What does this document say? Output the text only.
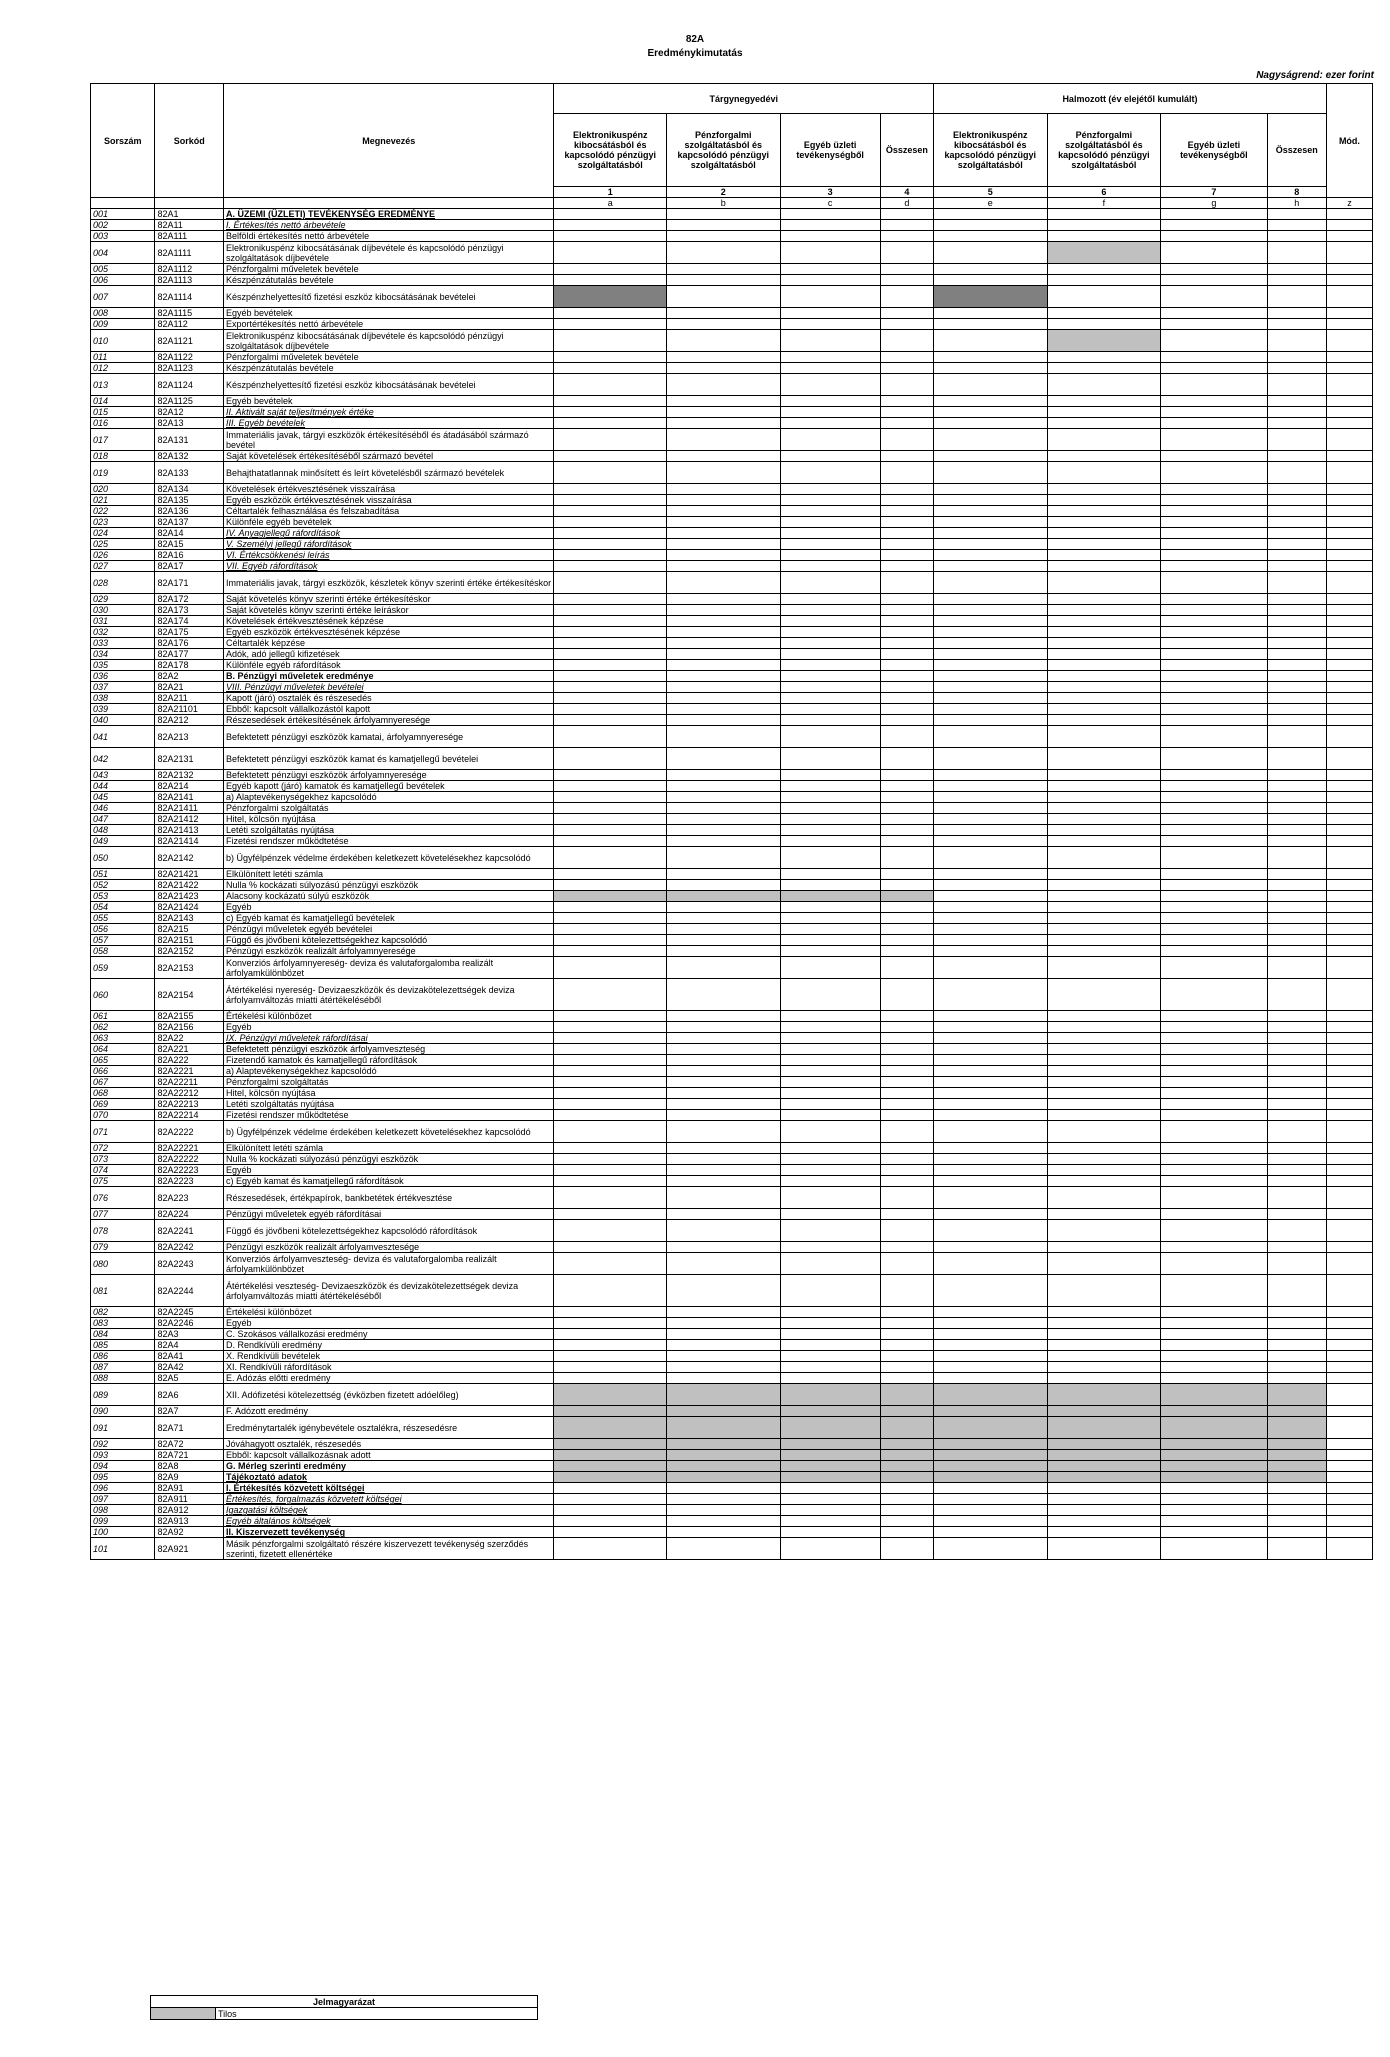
82A
Eredménykimutatás
Nagyságrend: ezer forint
Sorszám	Sorkód	Megnevezés	Tárgynegyedévi				Halmozott (év elejétől kumulált)				Mód.
			Elektronikuspénz kibocsátásból és kapcsolódó pénzügyi szolgáltatásból	Pénzforgalmi szolgáltatásból és kapcsolódó pénzügyi szolgáltatásból	Egyéb üzleti tevékenységből	Összesen	Elektronikuspénz kibocsátásból és kapcsolódó pénzügyi szolgáltatásból	Pénzforgalmi szolgáltatásból és kapcsolódó pénzügyi szolgáltatásból	Egyéb üzleti tevékenységből	Összesen	
			1	2	3	4	5	6	7	8	
			a	b	c	d	e	f	g	h	z
001	82A1	A. ÜZEMI (ÜZLETI) TEVÉKENYSÉG EREDMÉNYE									
002	82A11	I. Értékesítés nettó árbevétele									
003	82A111	Belföldi értékesítés nettó árbevétele									
004	82A1111	Elektronikuspénz kibocsátásának díjbevétele és kapcsolódó pénzügyi szolgáltatások díjbevétele									
005	82A1112	Pénzforgalmi műveletek bevétele									
006	82A1113	Készpénzátutalás bevétele									
007	82A1114	Készpénzhelyettesítő fizetési eszköz kibocsátásának bevételei									
008	82A1115	Egyéb bevételek									
009	82A112	Exportértékesítés nettó árbevétele									
010	82A1121	Elektronikuspénz kibocsátásának díjbevétele és kapcsolódó pénzügyi szolgáltatások díjbevétele									
011	82A1122	Pénzforgalmi műveletek bevétele									
012	82A1123	Készpénzátutalás bevétele									
013	82A1124	Készpénzhelyettesítő fizetési eszköz kibocsátásának bevételei									
014	82A1125	Egyéb bevételek									
015	82A12	II. Aktivált saját teljesítmények értéke									
016	82A13	III. Egyéb bevételek									
017	82A131	Immateriális javak, tárgyi eszközök értékesítéséből és átadásából származó bevétel									
018	82A132	Saját követelések értékesítéséből származó bevétel									
019	82A133	Behajthatatlannak minősített és leírt követelésből származó bevételek									
020	82A134	Követelések értékvesztésének visszaírása									
021	82A135	Egyéb eszközök értékvesztésének visszaírása									
022	82A136	Céltartalék felhasználása és felszabadítása									
023	82A137	Különféle egyéb bevételek									
024	82A14	IV. Anyagjellegű ráfordítások									
025	82A15	V. Személyi jellegű ráfordítások									
026	82A16	VI. Értékcsökkenési leírás									
027	82A17	VII. Egyéb ráfordítások									
028	82A171	Immateriális javak, tárgyi eszközök, készletek könyv szerinti értéke értékesítéskor									
029	82A172	Saját követelés könyv szerinti értéke értékesítéskor									
030	82A173	Saját követelés könyv szerinti értéke leíráskor									
031	82A174	Követelések értékvesztésének képzése									
032	82A175	Egyéb eszközök értékvesztésének képzése									
033	82A176	Céltartalék képzése									
034	82A177	Adók, adó jellegű kifizetések									
035	82A178	Különféle egyéb ráfordítások									
036	82A2	B. Pénzügyi műveletek eredménye									
037	82A21	VIII. Pénzügyi műveletek bevételei									
038	82A211	Kapott (járó) osztalék és részesedés									
039	82A21101	Ebből: kapcsolt vállalkozástól kapott									
040	82A212	Részesedések értékesítésének árfolyamnyeresége									
041	82A213	Befektetett pénzügyi eszközök kamatai, árfolyamnyeresége									
042	82A2131	Befektetett pénzügyi eszközök kamat és kamatjellegű bevételei									
043	82A2132	Befektetett pénzügyi eszközök árfolyamnyeresége									
044	82A214	Egyéb kapott (járó) kamatok és kamatjellegű bevételek									
045	82A2141	a) Alaptevékenységekhez kapcsolódó									
046	82A21411	Pénzforgalmi szolgáltatás									
047	82A21412	Hitel, kölcsön nyújtása									
048	82A21413	Letéti szolgáltatás nyújtása									
049	82A21414	Fizetési rendszer működtetése									
050	82A2142	b) Ügyfélpénzek védelme érdekében keletkezett követelésekhez kapcsolódó									
051	82A21421	Elkülönített letéti számla									
052	82A21422	Nulla % kockázati súlyozású pénzügyi eszközök									
053	82A21423	Alacsony kockázatú súlyú eszközök									
054	82A21424	Egyéb									
055	82A2143	c) Egyéb kamat és kamatjellegű bevételek									
056	82A215	Pénzügyi műveletek egyéb bevételei									
057	82A2151	Függő és jövőbeni kötelezettségekhez kapcsolódó									
058	82A2152	Pénzügyi eszközök realizált árfolyamnyeresége									
059	82A2153	Konverziós árfolyamnyereség- deviza és valutaforgalomba realizált árfolyamkülönbözet									
060	82A2154	Átértékelési nyereség- Devizaeszközök és devizakötelezettségek deviza árfolyamváltozás miatti átértékeléséből									
061	82A2155	Értékelési különbözet									
062	82A2156	Egyéb									
063	82A22	IX. Pénzügyi műveletek ráfordításai									
064	82A221	Befektetett pénzügyi eszközök árfolyamveszteség									
065	82A222	Fizetendő kamatok és kamatjellegű ráfordítások									
066	82A2221	a) Alaptevékenységekhez kapcsolódó									
067	82A22211	Pénzforgalmi szolgáltatás									
068	82A22212	Hitel, kölcsön nyújtása									
069	82A22213	Letéti szolgáltatás nyújtása									
070	82A22214	Fizetési rendszer működtetése									
071	82A2222	b) Ügyfélpénzek védelme érdekében keletkezett követelésekhez kapcsolódó									
072	82A22221	Elkülönített letéti számla									
073	82A22222	Nulla % kockázati súlyozású pénzügyi eszközök									
074	82A22223	Egyéb									
075	82A2223	c) Egyéb kamat és kamatjellegű ráfordítások									
076	82A223	Részesedések, értékpapírok, bankbetétek értékvesztése									
077	82A224	Pénzügyi műveletek egyéb ráfordításai									
078	82A2241	Függő és jövőbeni kötelezettségekhez kapcsolódó ráfordítások									
079	82A2242	Pénzügyi eszközök realizált árfolyamvesztesége									
080	82A2243	Konverziós árfolyamveszteség- deviza és valutaforgalomba realizált árfolyamkülönbözet									
081	82A2244	Átértékelési veszteség- Devizaeszközök és devizakötelezettségek deviza árfolyamváltozás miatti átértékeléséből									
082	82A2245	Értékelési különbözet									
083	82A2246	Egyéb									
084	82A3	C. Szokásos vállalkozási eredmény									
085	82A4	D. Rendkívüli eredmény									
086	82A41	X. Rendkívüli bevételek									
087	82A42	XI. Rendkívüli ráfordítások									
088	82A5	E. Adózás előtti eredmény									
089	82A6	XII. Adófizetési kötelezettség (évközben fizetett adóelőleg)									
090	82A7	F. Adózott eredmény									
091	82A71	Eredménytartalék igénybevétele osztalékra, részesedésre									
092	82A72	Jóváhagyott osztalék, részesedés									
093	82A721	Ebből: kapcsolt vállalkozásnak adott									
094	82A8	G. Mérleg szerinti eredmény									
095	82A9	Tájékoztató adatok									
096	82A91	I. Értékesítés közvetett költségei									
097	82A911	Értékesítés, forgalmazás közvetett költségei									
098	82A912	Igazgatási költségek									
099	82A913	Egyéb általános költségek									
100	82A92	II. Kiszervezett tevékenység									
101	82A921	Másik pénzforgalmi szolgáltató részére kiszervezett tevékenység szerződés szerinti, fizetett ellenértéke									
Jelmagyarázat
	Tilos
